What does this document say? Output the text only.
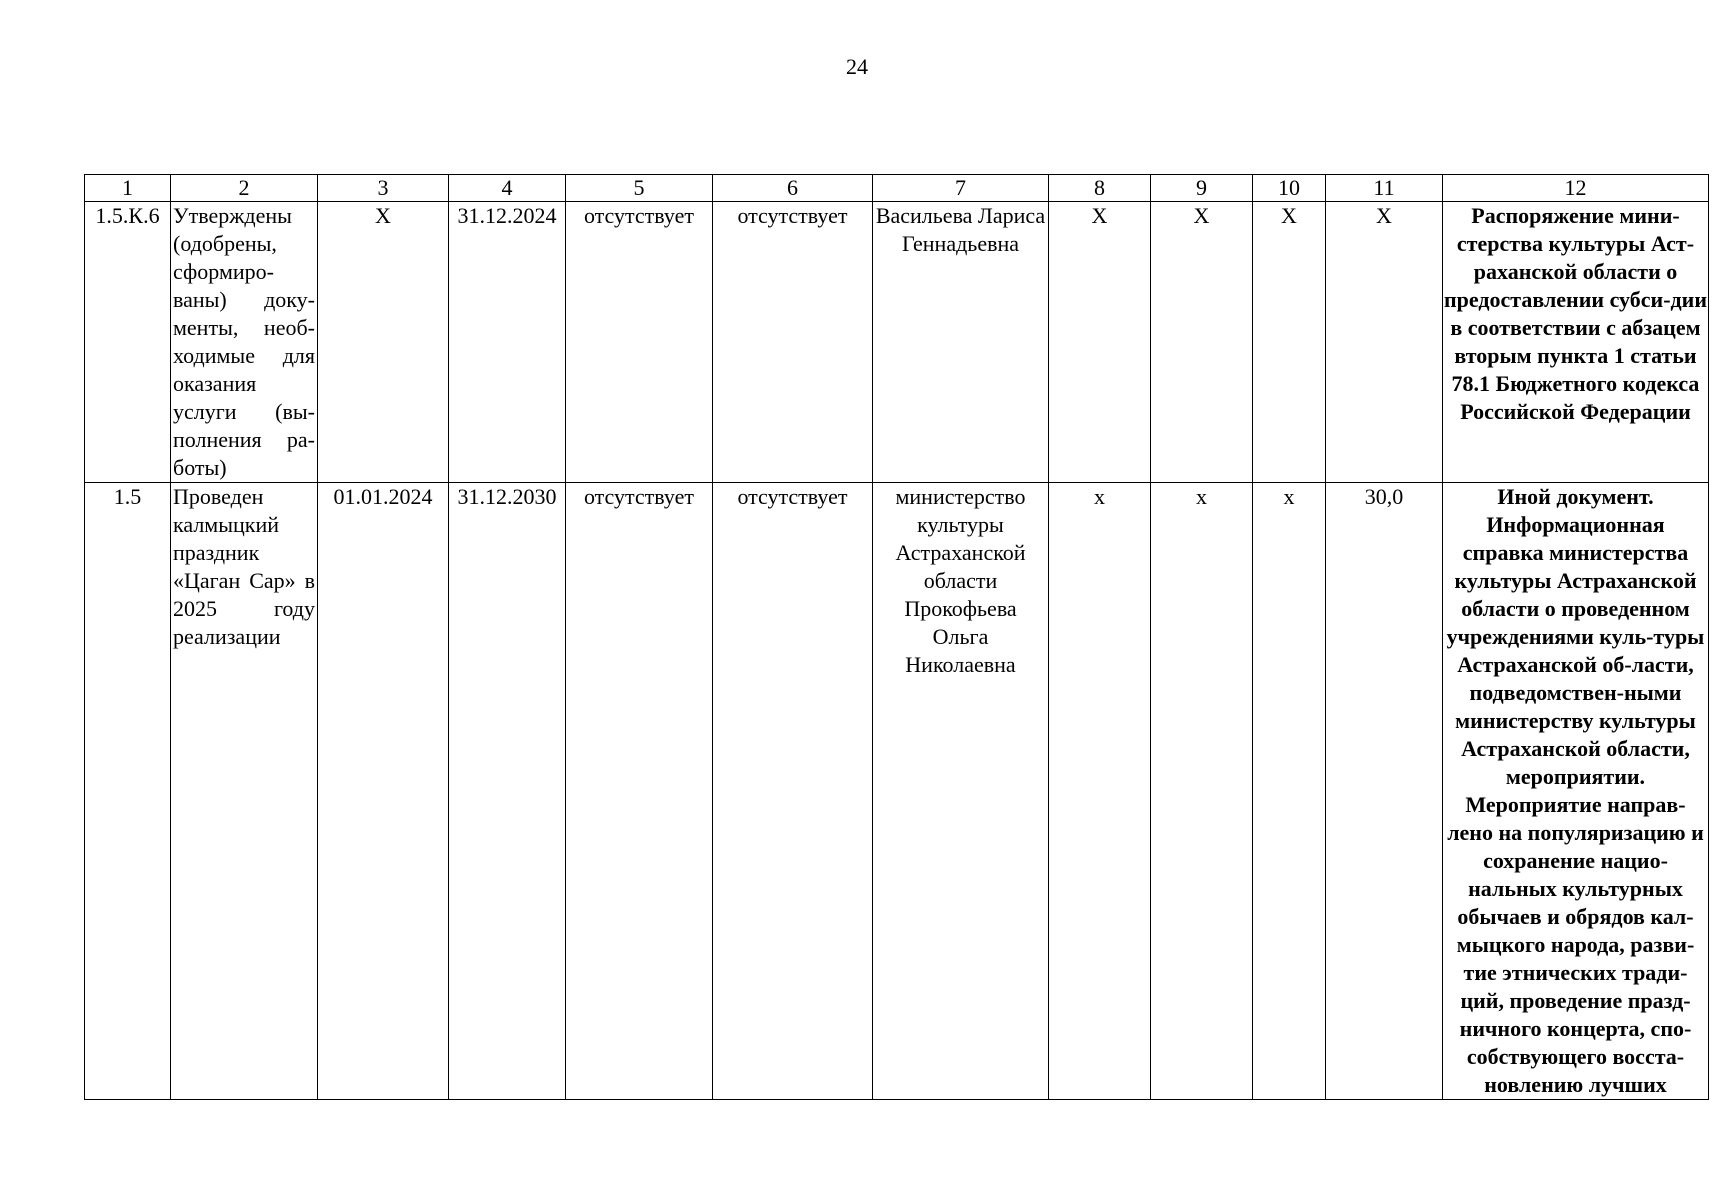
24
1	2	3	4	5	6	7	8	9	10	11	12
1.5.К.6	Утверждены (одобрены, сформиро-ваны) доку-менты, необ-ходимые для оказания услуги (вы-полнения ра-боты)	Х	31.12.2024	отсутствует	отсутствует	Васильева Лариса Геннадьевна	Х	Х	Х	Х	Распоряжение мини-стерства культуры Аст-раханской области о предоставлении субси-дии в соответствии с абзацем вторым пункта 1 статьи 78.1 Бюджетного кодекса Российской Федерации
1.5	Проведен калмыцкий праздник «Цаган Сар» в 2025 году реализации	01.01.2024	31.12.2030	отсутствует	отсутствует	министерство культуры Астраханской области Прокофьева Ольга Николаевна	х	х	х	30,0	Иной документ. Информационная справка министерства культуры Астраханской области о проведенном учреждениями куль-туры Астраханской об-ласти, подведомствен-ными министерству культуры Астраханской области, мероприятии. Мероприятие направ-лено на популяризацию и сохранение нацио-нальных культурных обычаев и обрядов кал-мыцкого народа, разви-тие этнических тради-ций, проведение празд-ничного концерта, спо-собствующего восста-новлению лучших
